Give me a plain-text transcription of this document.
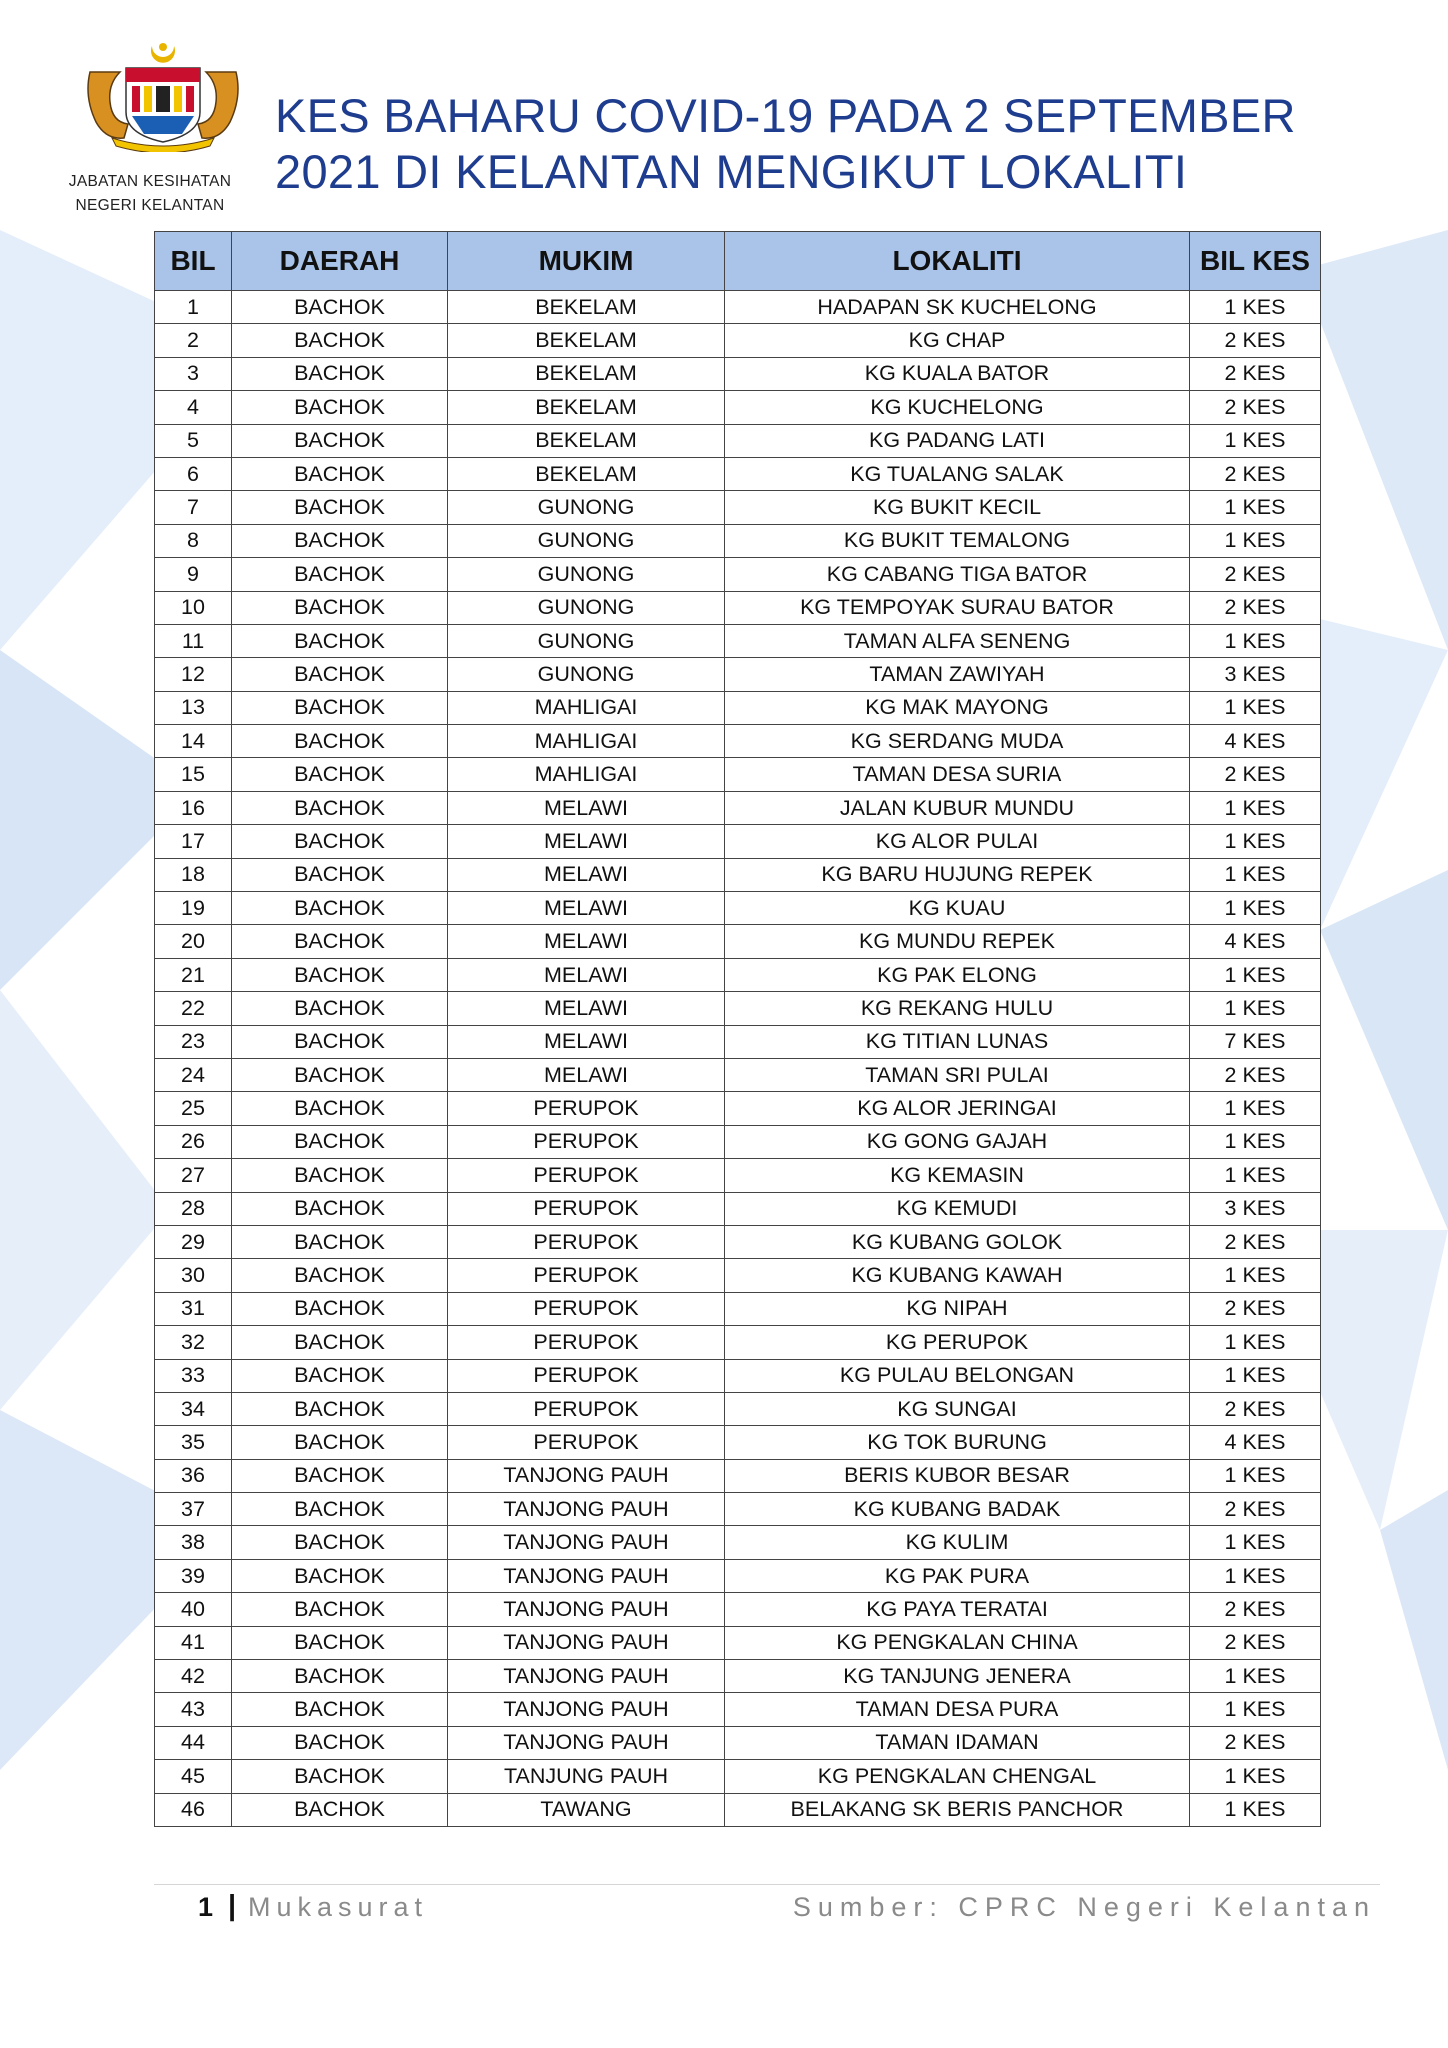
JABATAN KESIHATAN
NEGERI KELANTAN
KES BAHARU COVID-19 PADA 2 SEPTEMBER
2021 DI KELANTAN MENGIKUT LOKALITI
BIL	DAERAH	MUKIM	LOKALITI	BIL KES
1	BACHOK	BEKELAM	HADAPAN SK KUCHELONG	1 KES
2	BACHOK	BEKELAM	KG CHAP	2 KES
3	BACHOK	BEKELAM	KG KUALA BATOR	2 KES
4	BACHOK	BEKELAM	KG KUCHELONG	2 KES
5	BACHOK	BEKELAM	KG PADANG LATI	1 KES
6	BACHOK	BEKELAM	KG TUALANG SALAK	2 KES
7	BACHOK	GUNONG	KG BUKIT KECIL	1 KES
8	BACHOK	GUNONG	KG BUKIT TEMALONG	1 KES
9	BACHOK	GUNONG	KG CABANG TIGA BATOR	2 KES
10	BACHOK	GUNONG	KG TEMPOYAK SURAU BATOR	2 KES
11	BACHOK	GUNONG	TAMAN ALFA SENENG	1 KES
12	BACHOK	GUNONG	TAMAN ZAWIYAH	3 KES
13	BACHOK	MAHLIGAI	KG MAK MAYONG	1 KES
14	BACHOK	MAHLIGAI	KG SERDANG MUDA	4 KES
15	BACHOK	MAHLIGAI	TAMAN DESA SURIA	2 KES
16	BACHOK	MELAWI	JALAN KUBUR MUNDU	1 KES
17	BACHOK	MELAWI	KG ALOR PULAI	1 KES
18	BACHOK	MELAWI	KG BARU HUJUNG REPEK	1 KES
19	BACHOK	MELAWI	KG KUAU	1 KES
20	BACHOK	MELAWI	KG MUNDU REPEK	4 KES
21	BACHOK	MELAWI	KG PAK ELONG	1 KES
22	BACHOK	MELAWI	KG REKANG HULU	1 KES
23	BACHOK	MELAWI	KG TITIAN LUNAS	7 KES
24	BACHOK	MELAWI	TAMAN SRI PULAI	2 KES
25	BACHOK	PERUPOK	KG ALOR JERINGAI	1 KES
26	BACHOK	PERUPOK	KG GONG GAJAH	1 KES
27	BACHOK	PERUPOK	KG KEMASIN	1 KES
28	BACHOK	PERUPOK	KG KEMUDI	3 KES
29	BACHOK	PERUPOK	KG KUBANG GOLOK	2 KES
30	BACHOK	PERUPOK	KG KUBANG KAWAH	1 KES
31	BACHOK	PERUPOK	KG NIPAH	2 KES
32	BACHOK	PERUPOK	KG PERUPOK	1 KES
33	BACHOK	PERUPOK	KG PULAU BELONGAN	1 KES
34	BACHOK	PERUPOK	KG SUNGAI	2 KES
35	BACHOK	PERUPOK	KG TOK BURUNG	4 KES
36	BACHOK	TANJONG PAUH	BERIS KUBOR BESAR	1 KES
37	BACHOK	TANJONG PAUH	KG KUBANG BADAK	2 KES
38	BACHOK	TANJONG PAUH	KG KULIM	1 KES
39	BACHOK	TANJONG PAUH	KG PAK PURA	1 KES
40	BACHOK	TANJONG PAUH	KG PAYA TERATAI	2 KES
41	BACHOK	TANJONG PAUH	KG PENGKALAN CHINA	2 KES
42	BACHOK	TANJONG PAUH	KG TANJUNG JENERA	1 KES
43	BACHOK	TANJONG PAUH	TAMAN DESA PURA	1 KES
44	BACHOK	TANJONG PAUH	TAMAN IDAMAN	2 KES
45	BACHOK	TANJUNG PAUH	KG PENGKALAN CHENGAL	1 KES
46	BACHOK	TAWANG	BELAKANG SK BERIS PANCHOR	1 KES
1 | Mukasurat	Sumber: CPRC Negeri Kelantan
